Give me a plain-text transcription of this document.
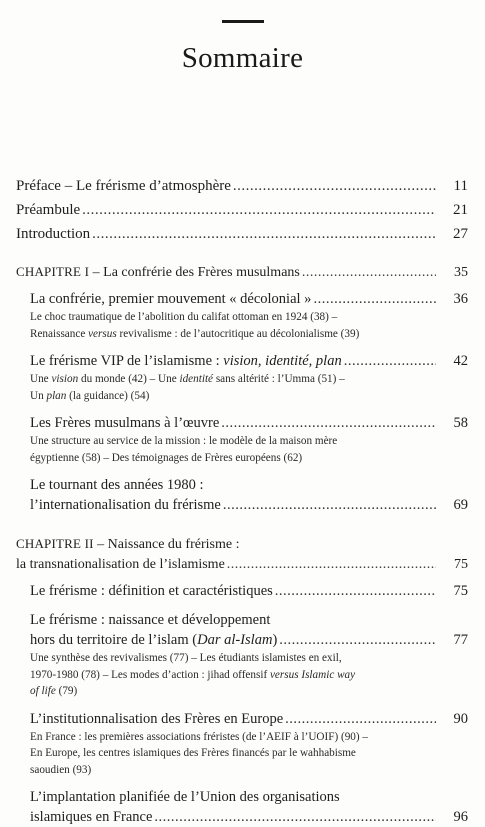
Sommaire
Préface – Le frérisme d’atmosphère .....	11
Préambule .....	21
Introduction .....	27
CHAPITRE I – La confrérie des Frères musulmans .....	35
La confrérie, premier mouvement « décolonial » .....	36
Le choc traumatique de l’abolition du califat ottoman en 1924 (38) –
Renaissance versus revivalisme : de l’autocritique au décolonialisme (39)
Le frérisme VIP de l’islamisme : vision, identité, plan .....	42
Une vision du monde (42) – Une identité sans altérité : l’Umma (51) –
Un plan (la guidance) (54)
Les Frères musulmans à l’œuvre .....	58
Une structure au service de la mission : le modèle de la maison mère
égyptienne (58) – Des témoignages de Frères européens (62)
Le tournant des années 1980 :
l’internationalisation du frérisme .....	69
CHAPITRE II – Naissance du frérisme :
la transnationalisation de l’islamisme .....	75
Le frérisme : définition et caractéristiques .....	75
Le frérisme : naissance et développement
hors du territoire de l’islam (Dar al-Islam) .....	77
Une synthèse des revivalismes (77) – Les étudiants islamistes en exil,
1970-1980 (78) – Les modes d’action : jihad offensif versus Islamic way
of life (79)
L’institutionnalisation des Frères en Europe .....	90
En France : les premières associations fréristes (de l’AEIF à l’UOIF) (90) –
En Europe, les centres islamiques des Frères financés par le wahhabisme
saoudien (93)
L’implantation planifiée de l’Union des organisations
islamiques en France .....	96
